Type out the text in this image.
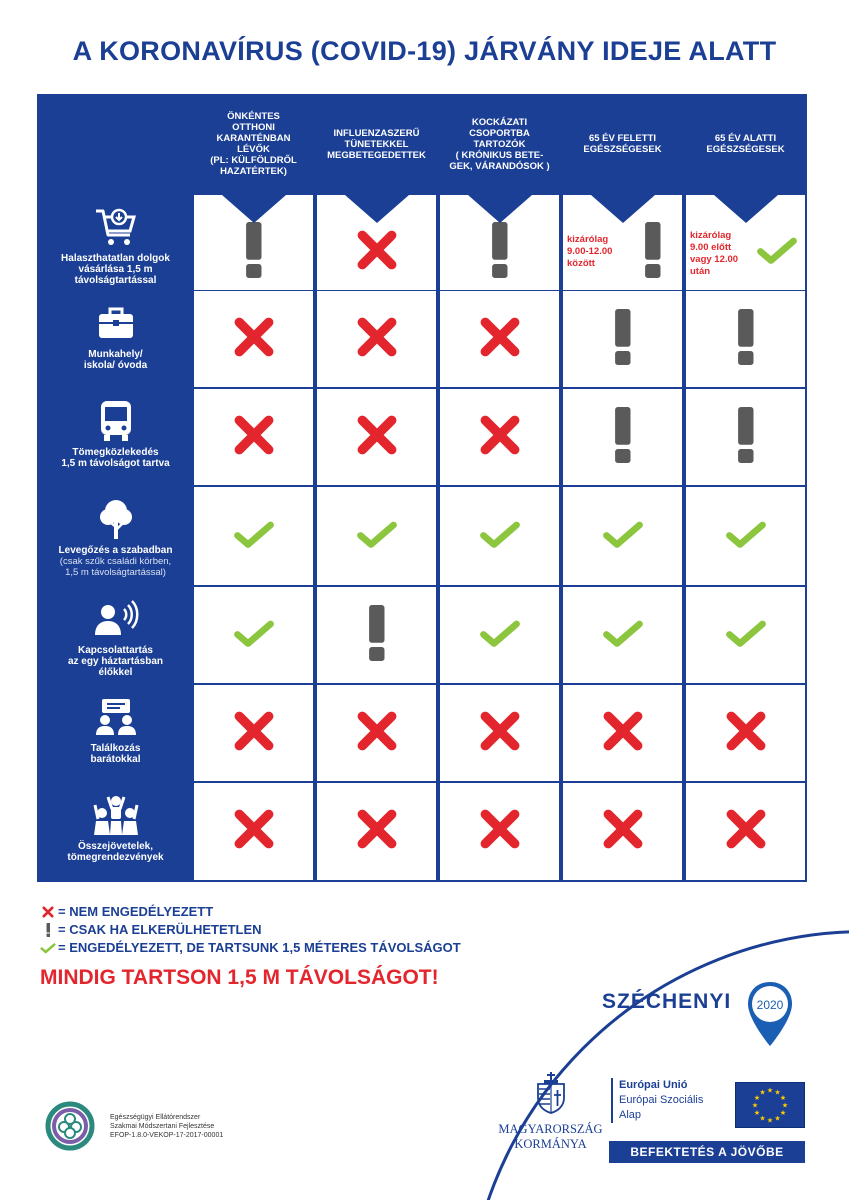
A KORONAVÍRUS (COVID-19) JÁRVÁNY IDEJE ALATT
ÖNKÉNTES
OTTHONI
KARANTÉNBAN
LÉVŐK
(PL: KÜLFÖLDRŐL
HAZATÉRTEK)
INFLUENZASZERŰ
TÜNETEKKEL
MEGBETEGEDETTEK
KOCKÁZATI
CSOPORTBA
TARTOZÓK
( KRÓNIKUS BETE-
GEK, VÁRANDÓSOK )
65 ÉV FELETTI
EGÉSZSÉGESEK
65 ÉV ALATTI
EGÉSZSÉGESEK
Halaszthatatlan dolgok
vásárlása 1,5 m
távolságtartással
Munkahely/
iskola/ óvoda
Tömegközlekedés
1,5 m távolságot tartva
Levegőzés a szabadban
(csak szűk családi körben,
1,5 m távolságtartással)
Kapcsolattartás
az egy háztartásban
élőkkel
Találkozás
barátokkal
Összejövetelek,
tömegrendezvények
kizárólag
9.00-12.00
között
kizárólag
9.00 előtt
vagy 12.00
után
= NEM ENGEDÉLYEZETT
= CSAK HA ELKERÜLHETETLEN
= ENGEDÉLYEZETT, DE TARTSUNK 1,5 MÉTERES TÁVOLSÁGOT
MINDIG TARTSON 1,5 M TÁVOLSÁGOT!
SZÉCHENYI 2020
MAGYARORSZÁG
KORMÁNYA
Európai Unió
Európai Szociális
Alap
★
★
★
★
★
★
★
★
★ ★ ★
★
BEFEKTETÉS A JÖVŐBE
Egészségügyi Ellátórendszer
Szakmai Módszertani Fejlesztése
EFOP-1.8.0-VEKOP-17-2017-00001
